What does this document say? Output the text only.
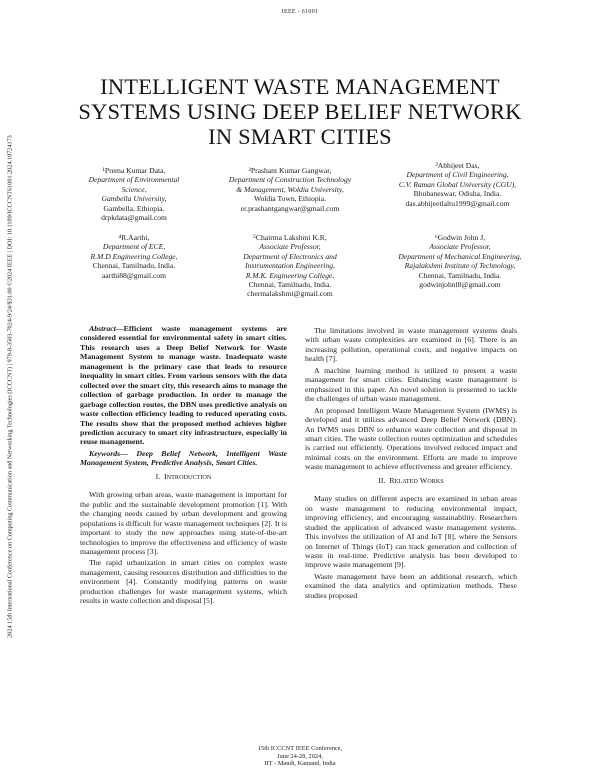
IEEE - 61001
2024 15th International Conference on Computing Communication and Networking Technologies (ICCCNT) | 979-8-3503-7024-9/24/$31.00 ©2024 IEEE | DOI: 10.1109/ICCCNT61001.2024.10724173
INTELLIGENT WASTE MANAGEMENT
SYSTEMS USING DEEP BELIEF NETWORK
IN SMART CITIES
¹Prema Kumar Data,
Department of Environmental
Science,
Gambella University,
Gambella, Ethiopia.
drpkdata@gmail.com
²Prashant Kumar Gangwar,
Department of Construction Technology
& Management, Woldia University,
Woldia Town, Ethiopia.
er.prashantgangwar@gmail.com
³Abhijeet Das,
Department of Civil Engineering,
C.V. Raman Global University (CGU),
Bhubaneswar, Odisha, India.
das.abhijeetlaltu1999@gmail.com
⁴R.Aarthi,
Department of ECE,
R.M.D Engineering College,
Chennai, Tamilnadu, India.
aarthi88@gmail.com
⁵Chairma Lakshmi K.R,
Associate Professor,
Department of Electronics and
Instrumentation Engineering,
R.M.K. Engineering College,
Chennai, Tamilnadu, India.
chermalakshmi@gmail.com
⁶Godwin John J,
Associate Professor,
Department of Mechanical Engineering,
Rajalakshmi Institute of Technology,
Chennai, Tamilnadu, India.
godwinjohnl8@gmail.com

Abstract—Efficient waste management systems are considered essential for environmental safety in smart cities. This research uses a Deep Belief Network for Waste Management System to manage waste. Inadequate waste management is the primary case that leads to resource inequality in smart cities. From various sensors with the data collected over the smart city, this research aims to manage the collection of garbage production. In order to manage the garbage collection routes, the DBN uses predictive analysis on waste collection efficiency leading to reduced operating costs. The results show that the proposed method achieves higher prediction accuracy to smart city infrastructure, especially in reuse management.

Keywords— Deep Belief Network, Intelligent Waste Management System, Predictive Analysis, Smart Cities.

I. INTRODUCTION

With growing urban areas, waste management is important for the public and the sustainable development promotion [1]. With the changing needs caused by urban development and growing populations is difficult for waste management techniques [2]. It is important to study the new approaches using state-of-the-art technologies to improve the effectiveness and efficiency of waste management process [3].

The rapid urbanization in smart cities on complex waste management, causing resources distribution and difficulties to the environment [4]. Constantly modifying patterns on waste production challenges for waste management systems, which results in waste collection and disposal [5].

The limitations involved in waste management systems deals with urban waste complexities are examined in [6]. There is an increasing pollution, operational costs, and negative impacts on health [7].

A machine learning method is utilized to present a waste management for smart cities. Enhancing waste management is emphasized in this paper. An novel solution is presented to tackle the challenges of urban waste management.

An proposed Intelligent Waste Management System (IWMS) is developed and it utilizes advanced Deep Belief Network (DBN). An IWMS uses DBN to enhance waste collection and disposal in smart cities. The waste collection routes optimization and schedules is carried out efficiently. Operations involved reduced impact and minimal costs on the environment. Efforts are made to improve waste management to achieve effectiveness and greater efficiency.

II. RELATED WORKS

Many studies on different aspects are examined in urban areas on waste management to reducing environmental impact, improving efficiency, and encouraging sustainability. Researchers studied the application of advanced waste management systems. This involves the utilization of AI and IoT [8], where the Sensors on Internet of Things (IoT) can track generation and collection of waste in real-time. Predictive analysis has been developed to improve waste management [9].

Waste management have been an additional research, which examined the data analytics and optimization methods. These studies proposed

15th ICCCNT IEEE Conference,
June 24-28, 2024,
IIT - Mandi, Kamand, India
